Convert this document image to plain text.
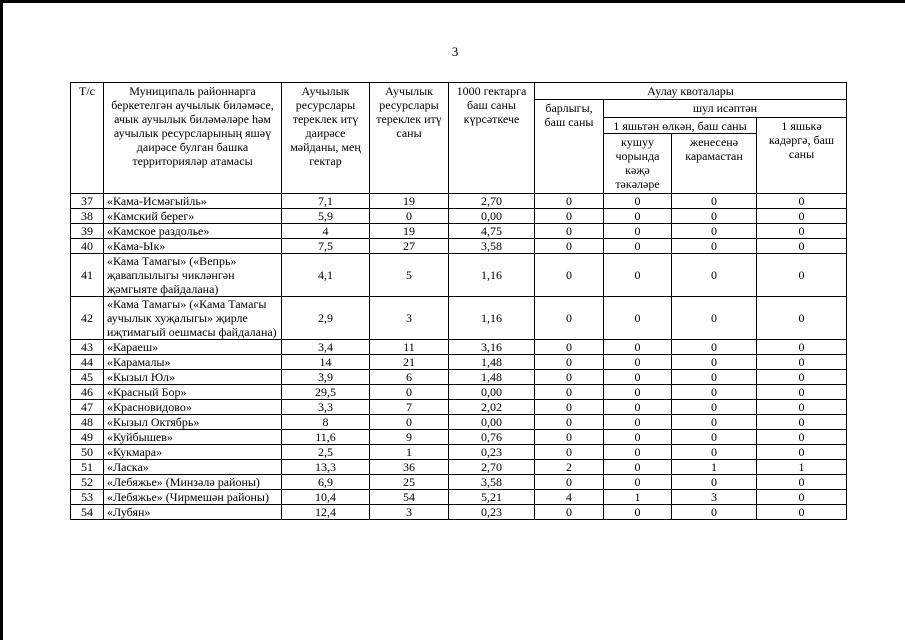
3
Т/с	Муниципаль районнарга беркетелгән аучылык биләмәсе, ачык аучылык биләмәләре һәм аучылык ресурсларының яшәү даирәсе булган башка территорияләр атамасы	Аучылык ресурслары тереклек итү даирәсе мәйданы, мең гектар	Аучылык ресурслары тереклек итү саны	1000 гектарга баш саны күрсәткече	Аулау квоталары			
					барлыгы, баш саны	шул исәптән		
						1 яшьтән өлкән, баш саны		1 яшькә кадәргә, баш саны
						кушуу чорында кәҗә тәкәләре	женесенә карамастан	
37	«Кама-Исмәгыйль»	7,1	19	2,70	0	0	0	0
38	«Камский берег»	5,9	0	0,00	0	0	0	0
39	«Камское раздолье»	4	19	4,75	0	0	0	0
40	«Кама-Ык»	7,5	27	3,58	0	0	0	0
41	«Кама Тамагы» («Вепрь» җаваплылыгы чикләнгән җәмгыяте файдалана)	4,1	5	1,16	0	0	0	0
42	«Кама Тамагы» («Кама Тамагы аучылык хуҗалыгы» җирле иҗтимагый оешмасы файдалана)	2,9	3	1,16	0	0	0	0
43	«Караеш»	3,4	11	3,16	0	0	0	0
44	«Карамалы»	14	21	1,48	0	0	0	0
45	«Кызыл Юл»	3,9	6	1,48	0	0	0	0
46	«Красный Бор»	29,5	0	0,00	0	0	0	0
47	«Красновидово»	3,3	7	2,02	0	0	0	0
48	«Кызыл Октябрь»	8	0	0,00	0	0	0	0
49	«Куйбышев»	11,6	9	0,76	0	0	0	0
50	«Кукмара»	2,5	1	0,23	0	0	0	0
51	«Ласка»	13,3	36	2,70	2	0	1	1
52	«Лебяжье» (Минзәлә районы)	6,9	25	3,58	0	0	0	0
53	«Лебяжье» (Чирмешән районы)	10,4	54	5,21	4	1	3	0
54	«Лубян»	12,4	3	0,23	0	0	0	0
